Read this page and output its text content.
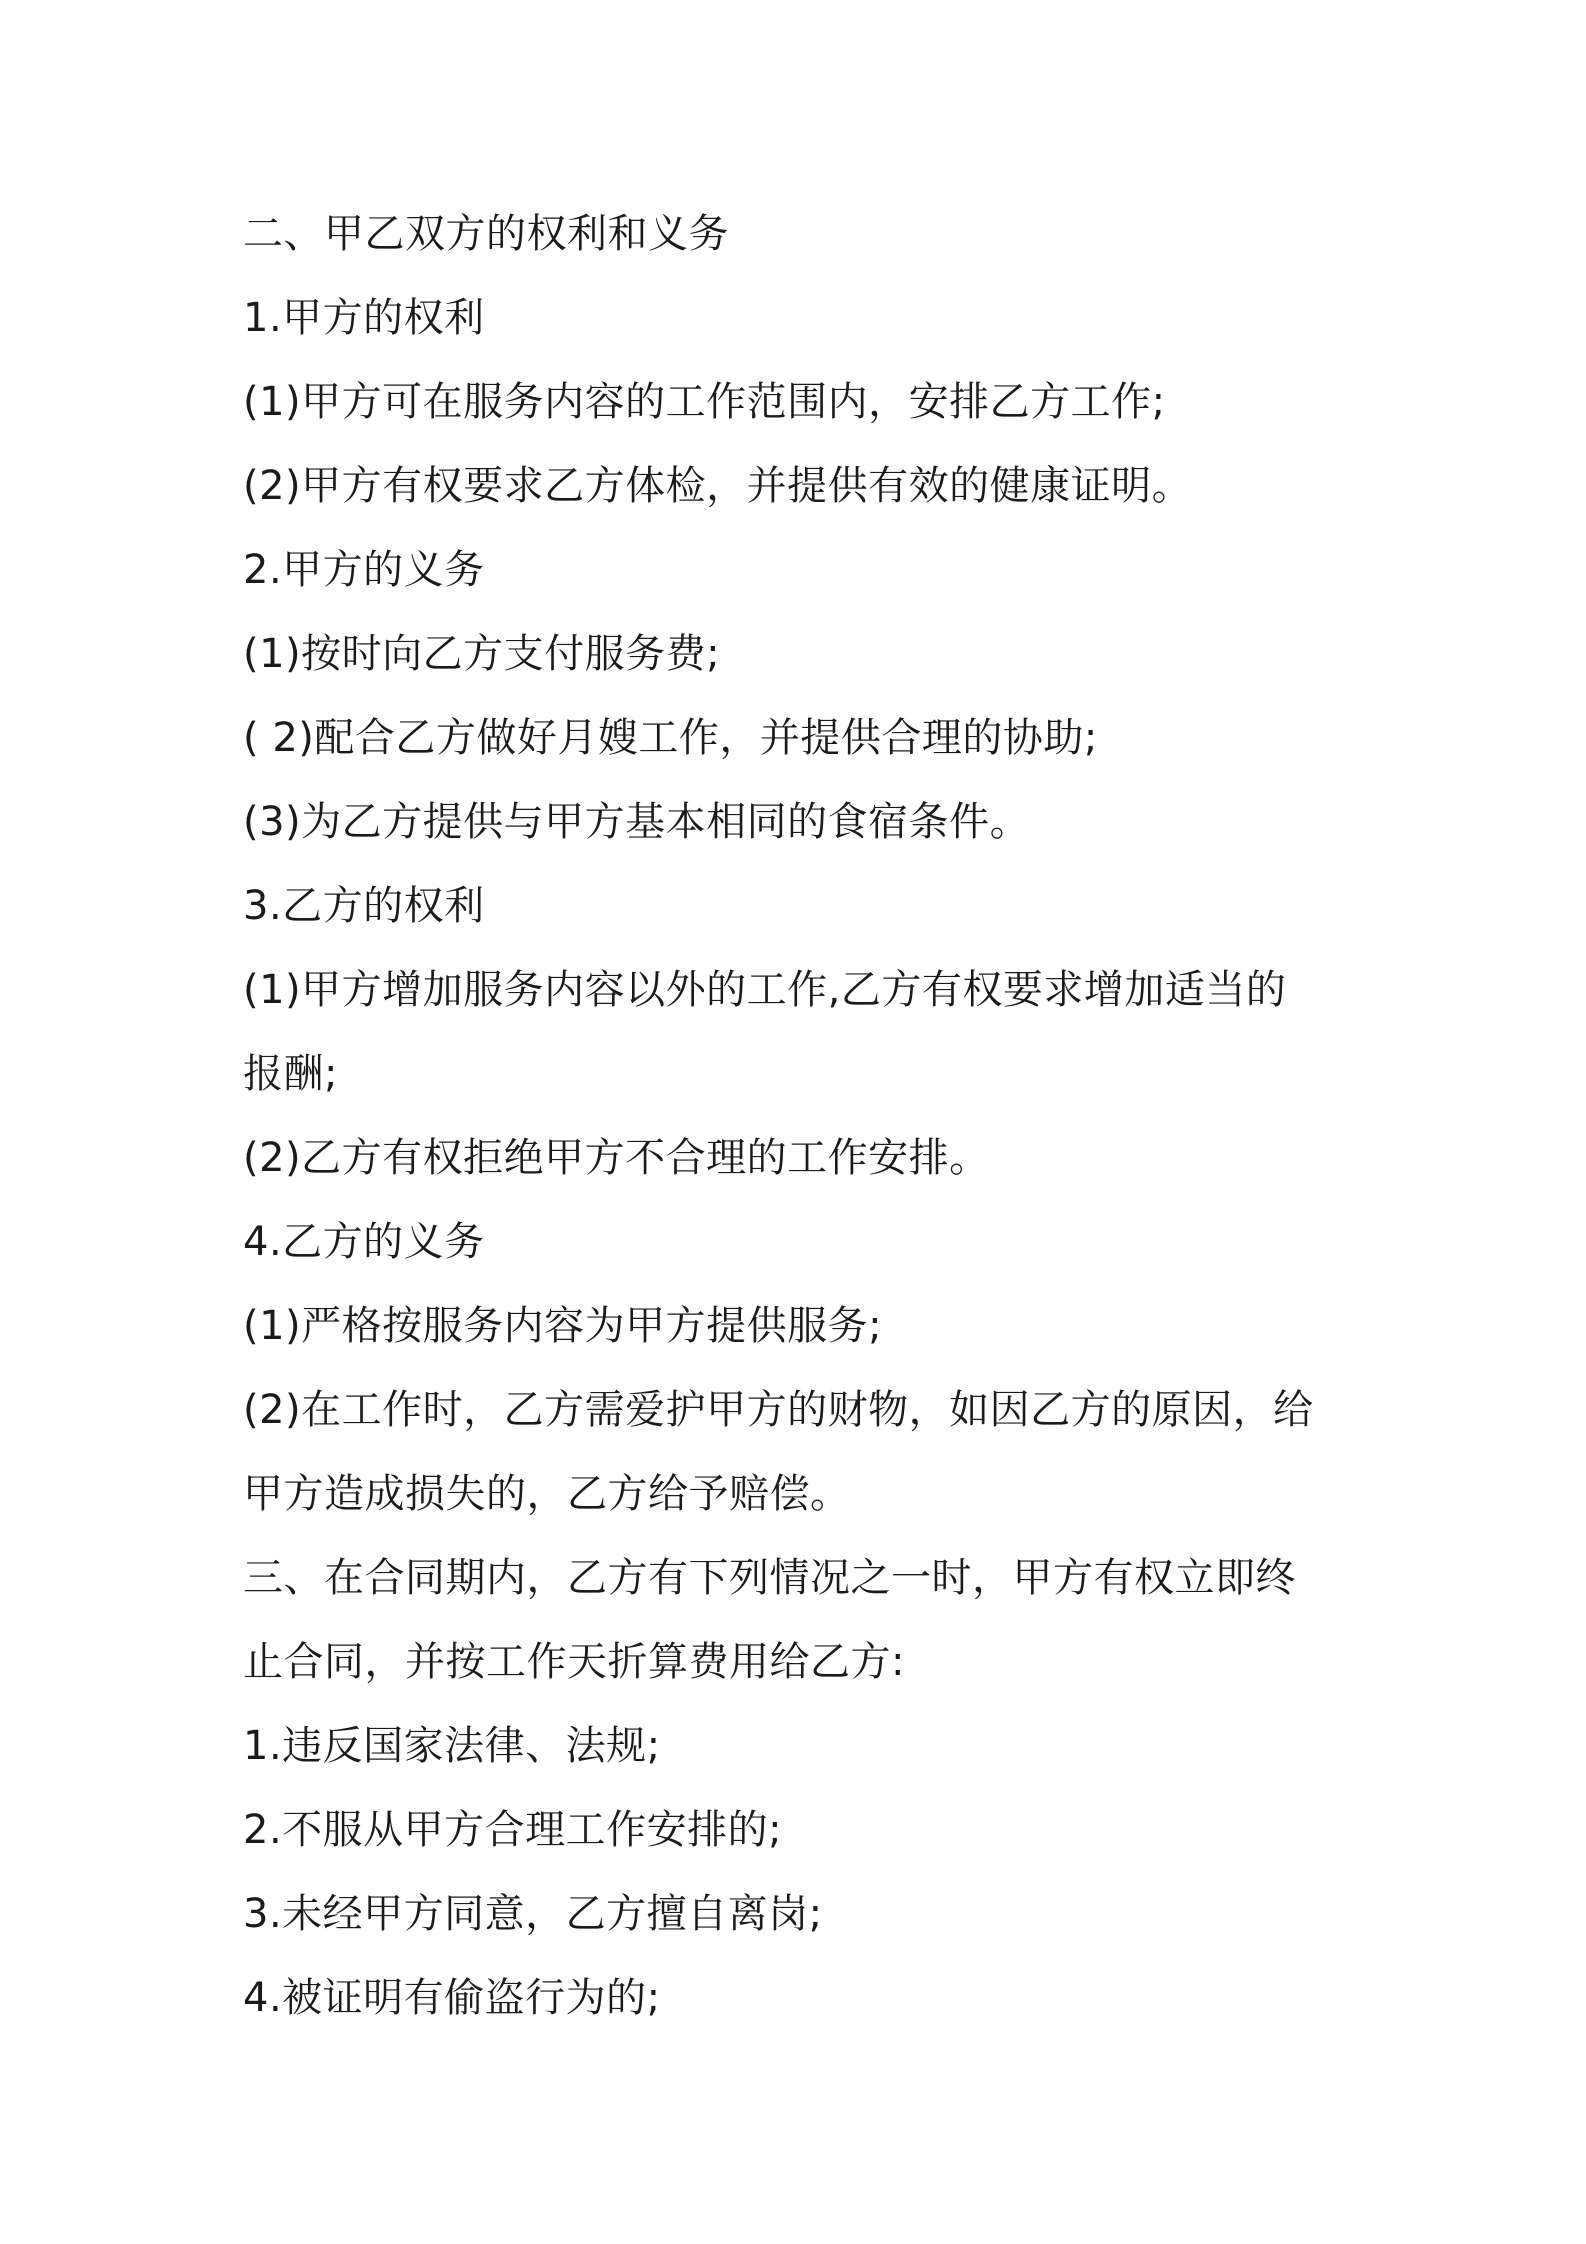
二、甲乙双方的权利和义务
1.甲方的权利
(1)甲方可在服务内容的工作范围内，安排乙方工作;
(2)甲方有权要求乙方体检，并提供有效的健康证明。
2.甲方的义务
(1)按时向乙方支付服务费;
( 2)配合乙方做好月嫂工作，并提供合理的协助;
(3)为乙方提供与甲方基本相同的食宿条件。
3.乙方的权利
(1)甲方增加服务内容以外的工作,乙方有权要求增加适当的
报酬;
(2)乙方有权拒绝甲方不合理的工作安排。
4.乙方的义务
(1)严格按服务内容为甲方提供服务;
(2)在工作时，乙方需爱护甲方的财物，如因乙方的原因，给
甲方造成损失的，乙方给予赔偿。
三、在合同期内，乙方有下列情况之一时，甲方有权立即终
止合同，并按工作天折算费用给乙方:
1.违反国家法律、法规;
2.不服从甲方合理工作安排的;
3.未经甲方同意，乙方擅自离岗;
4.被证明有偷盗行为的;
